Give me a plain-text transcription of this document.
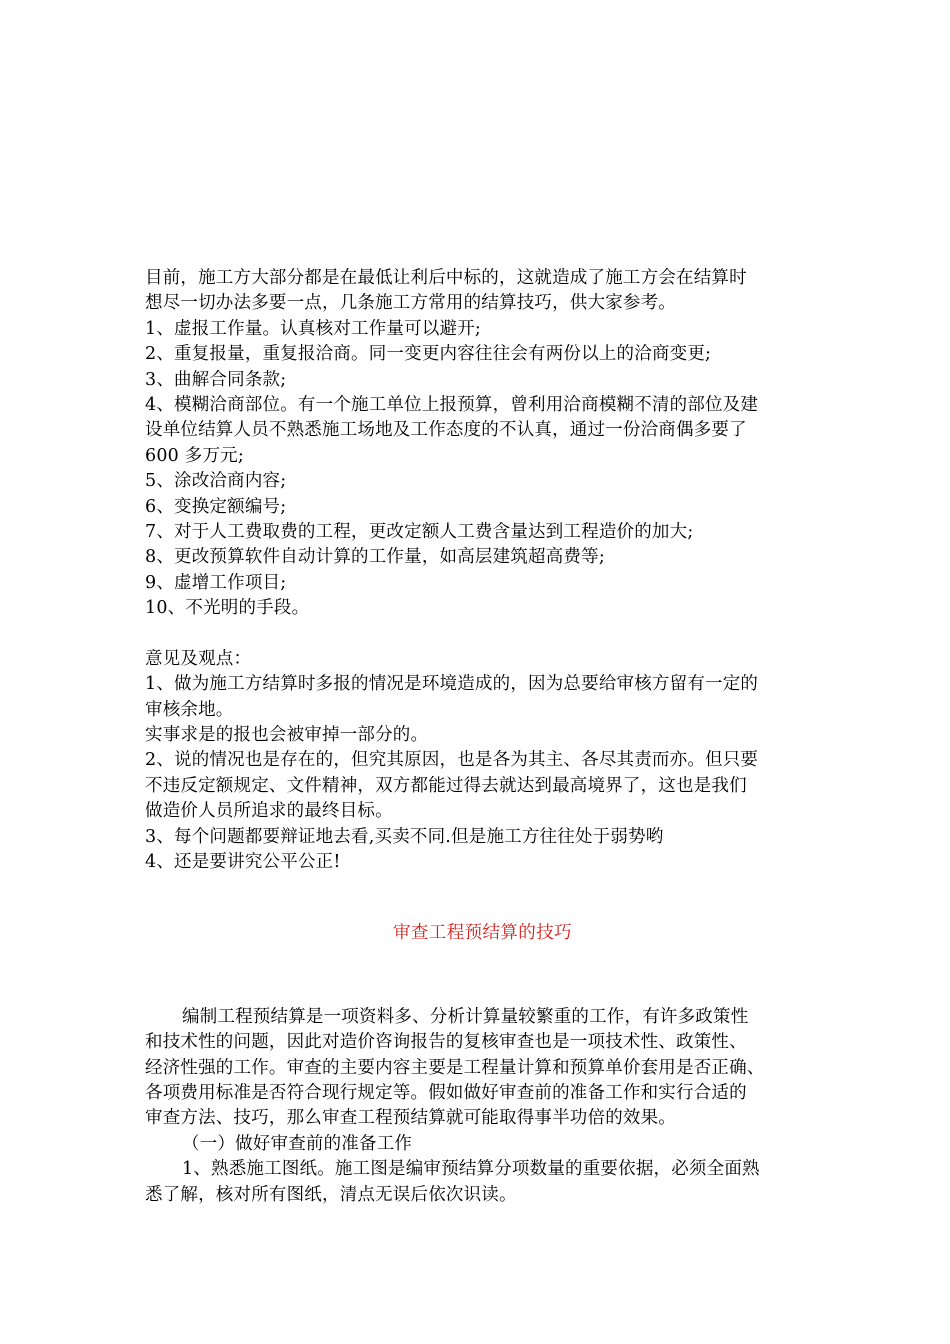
目前，施工方大部分都是在最低让利后中标的，这就造成了施工方会在结算时
想尽一切办法多要一点，几条施工方常用的结算技巧，供大家参考。
1、虚报工作量。认真核对工作量可以避开;
2、重复报量，重复报洽商。同一变更内容往往会有两份以上的洽商变更;
3、曲解合同条款;
4、模糊洽商部位。有一个施工单位上报预算，曾利用洽商模糊不清的部位及建
设单位结算人员不熟悉施工场地及工作态度的不认真，通过一份洽商偶多要了
600 多万元;
5、涂改洽商内容;
6、变换定额编号;
7、对于人工费取费的工程，更改定额人工费含量达到工程造价的加大;
8、更改预算软件自动计算的工作量，如高层建筑超高费等;
9、虚增工作项目;
10、不光明的手段。
意见及观点：
1、做为施工方结算时多报的情况是环境造成的，因为总要给审核方留有一定的
审核余地。
实事求是的报也会被审掉一部分的。
2、说的情况也是存在的，但究其原因，也是各为其主、各尽其责而亦。但只要
不违反定额规定、文件精神，双方都能过得去就达到最高境界了，这也是我们
做造价人员所追求的最终目标。
3、每个问题都要辩证地去看,买卖不同.但是施工方往往处于弱势哟
4、还是要讲究公平公正!
审查工程预结算的技巧
编制工程预结算是一项资料多、分析计算量较繁重的工作，有许多政策性
和技术性的问题，因此对造价咨询报告的复核审查也是一项技术性、政策性、
经济性强的工作。审查的主要内容主要是工程量计算和预算单价套用是否正确、
各项费用标准是否符合现行规定等。假如做好审查前的准备工作和实行合适的
审查方法、技巧，那么审查工程预结算就可能取得事半功倍的效果。
（一）做好审查前的准备工作
1、熟悉施工图纸。施工图是编审预结算分项数量的重要依据，必须全面熟
悉了解，核对所有图纸，清点无误后依次识读。
